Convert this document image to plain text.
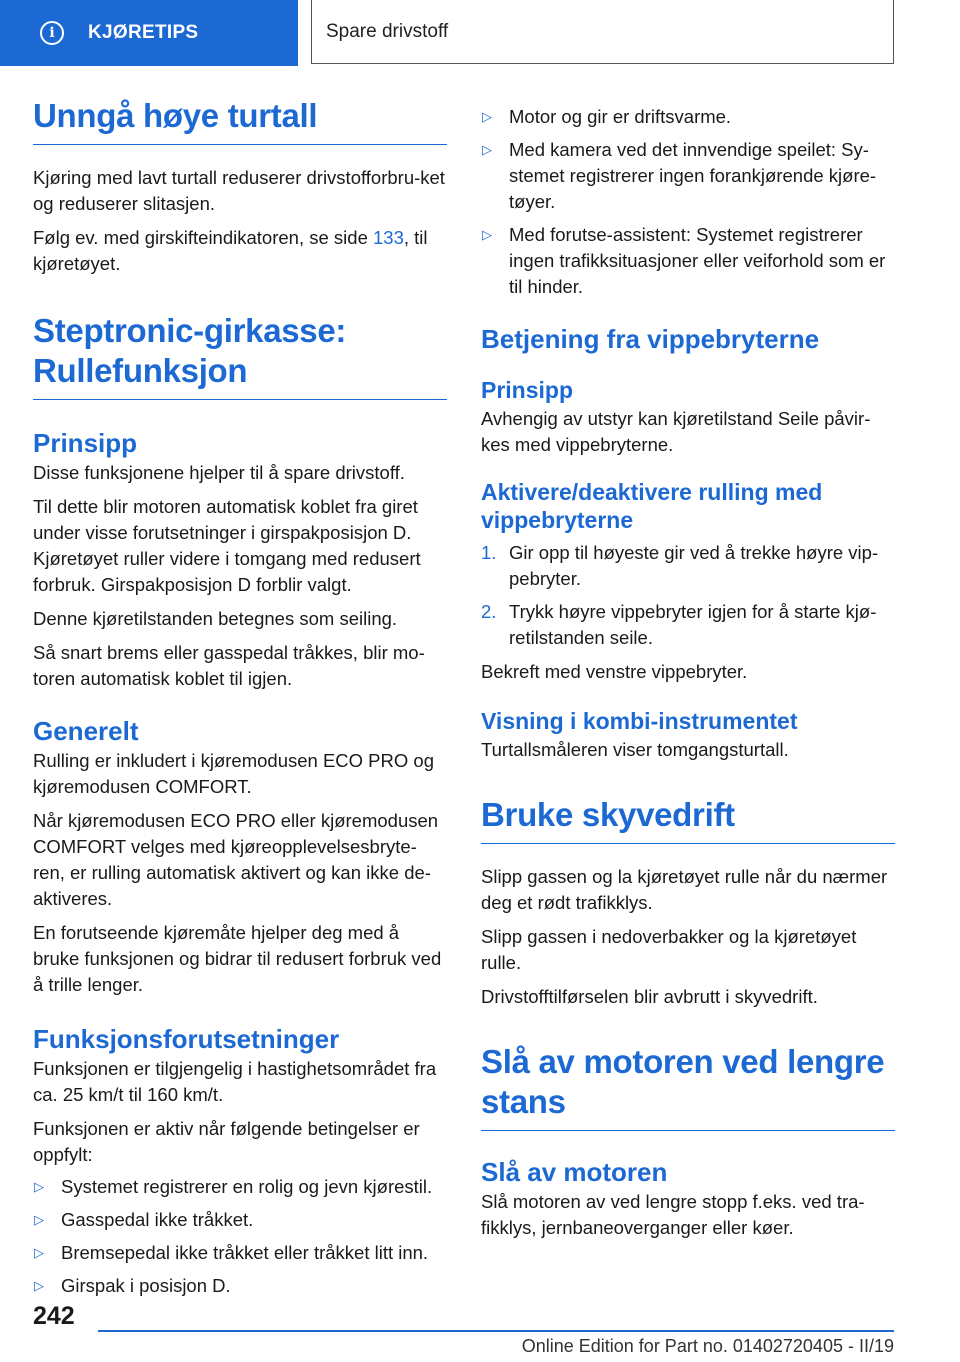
i	KJØRETIPS	Spare drivstoff
Unngå høye turtall

Kjøring med lavt turtall reduserer drivstofforbru-ket og reduserer slitasjen.

Følg ev. med girskifteindikatoren, se side 133, til kjøretøyet.

Steptronic-girkasse: Rullefunksjon
Prinsipp

Disse funksjonene hjelper til å spare drivstoff.

Til dette blir motoren automatisk koblet fra giret under visse forutsetninger i girspakposisjon D. Kjøretøyet ruller videre i tomgang med redusert forbruk. Girspakposisjon D forblir valgt.

Denne kjøretilstanden betegnes som seiling.

Så snart brems eller gasspedal tråkkes, blir mo-toren automatisk koblet til igjen.

Generelt

Rulling er inkludert i kjøremodusen ECO PRO og kjøremodusen COMFORT.

Når kjøremodusen ECO PRO eller kjøremodusen COMFORT velges med kjøreopplevelsesbryte-ren, er rulling automatisk aktivert og kan ikke de-aktiveres.

En forutseende kjøremåte hjelper deg med å bruke funksjonen og bidrar til redusert forbruk ved å trille lenger.

Funksjonsforutsetninger

Funksjonen er tilgjengelig i hastighetsområdet fra ca. 25 km/t til 160 km/t.

Funksjonen er aktiv når følgende betingelser er oppfylt:

▷ Systemet registrerer en rolig og jevn kjørestil.
▷ Gasspedal ikke tråkket.
▷ Bremsepedal ikke tråkket eller tråkket litt inn.
▷ Girspak i posisjon D.
▷ Motor og gir er driftsvarme.
▷ Med kamera ved det innvendige speilet: Sy-stemet registrerer ingen forankjørende kjøre-tøyer.
▷ Med forutse-assistent: Systemet registrerer ingen trafikksituasjoner eller veiforhold som er til hinder.
Betjening fra vippebryterne
Prinsipp

Avhengig av utstyr kan kjøretilstand Seile påvir-kes med vippebryterne.

Aktivere/deaktivere rulling med vippebryterne
1. Gir opp til høyeste gir ved å trekke høyre vip-pebryter.
2. Trykk høyre vippebryter igjen for å starte kjø-retilstanden seile.

Bekreft med venstre vippebryter.

Visning i kombi-instrumentet

Turtallsmåleren viser tomgangsturtall.

Bruke skyvedrift

Slipp gassen og la kjøretøyet rulle når du nærmer deg et rødt trafikklys.

Slipp gassen i nedoverbakker og la kjøretøyet rulle.

Drivstofftilførselen blir avbrutt i skyvedrift.

Slå av motoren ved lengre stans
Slå av motoren

Slå motoren av ved lengre stopp f.eks. ved tra-fikklys, jernbaneoverganger eller køer.

242
Online Edition for Part no. 01402720405 - II/19
